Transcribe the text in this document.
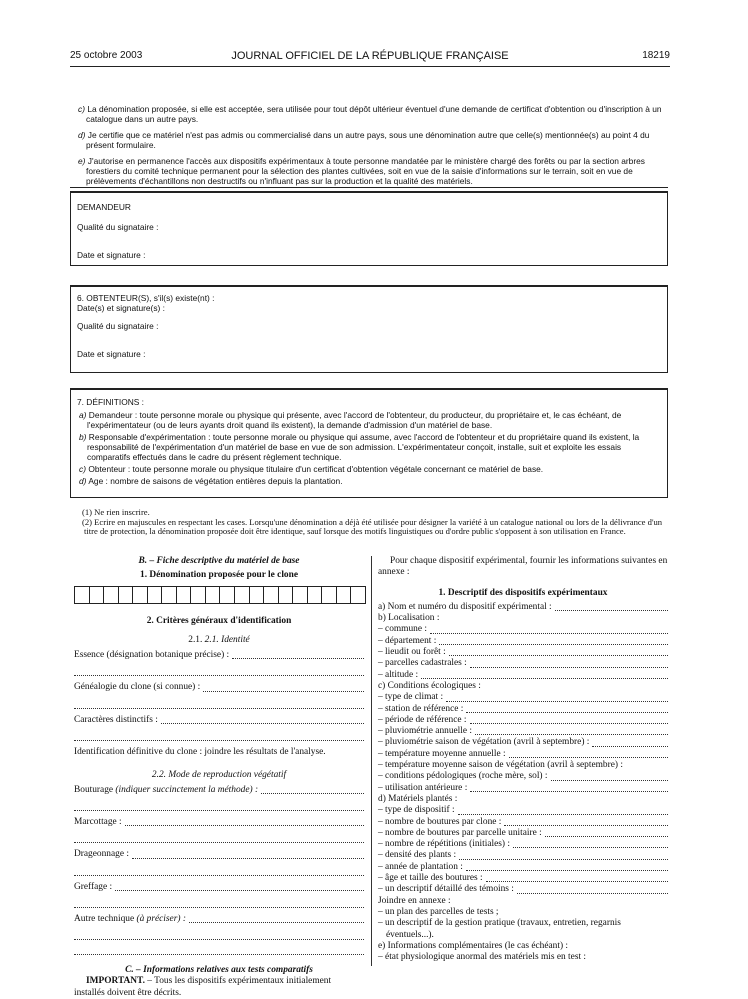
25 octobre 2003	JOURNAL OFFICIEL DE LA RÉPUBLIQUE FRANÇAISE	18219

c) La dénomination proposée, si elle est acceptée, sera utilisée pour tout dépôt ultérieur éventuel d'une demande de certificat d'obtention ou d'inscription à un catalogue dans un autre pays.

d) Je certifie que ce matériel n'est pas admis ou commercialisé dans un autre pays, sous une dénomination autre que celle(s) mentionnée(s) au point 4 du présent formulaire.

e) J'autorise en permanence l'accès aux dispositifs expérimentaux à toute personne mandatée par le ministère chargé des forêts ou par la section arbres forestiers du comité technique permanent pour la sélection des plantes cultivées, soit en vue de la saisie d'informations sur le terrain, soit en vue de prélèvements d'échantillons non destructifs ou n'influant pas sur la production et la qualité des matériels.

DEMANDEUR

Qualité du signataire :

Date et signature :

6. OBTENTEUR(S), s'il(s) existe(nt) :

Date(s) et signature(s) :

Qualité du signataire :

Date et signature :

7. DÉFINITIONS :

a) Demandeur : toute personne morale ou physique qui présente, avec l'accord de l'obtenteur, du producteur, du propriétaire et, le cas échéant, de l'expérimentateur (ou de leurs ayants droit quand ils existent), la demande d'admission d'un matériel de base.

b) Responsable d'expérimentation : toute personne morale ou physique qui assume, avec l'accord de l'obtenteur et du propriétaire quand ils existent, la responsabilité de l'expérimentation d'un matériel de base en vue de son admission. L'expérimentateur conçoit, installe, suit et exploite les essais comparatifs effectués dans le cadre du présent règlement technique.

c) Obtenteur : toute personne morale ou physique titulaire d'un certificat d'obtention végétale concernant ce matériel de base.

d) Age : nombre de saisons de végétation entières depuis la plantation.

(1) Ne rien inscrire.

(2) Ecrire en majuscules en respectant les cases. Lorsqu'une dénomination a déjà été utilisée pour désigner la variété à un catalogue national ou lors de la délivrance d'un titre de protection, la dénomination proposée doit être identique, sauf lorsque des motifs linguistiques ou d'ordre public s'opposent à son utilisation en France.

B. – Fiche descriptive du matériel de base
1. Dénomination proposée pour le clone
2. Critères généraux d'identification
2.1. 2.1. Identité
Essence (désignation botanique précise) :
Généalogie du clone (si connue) :
Caractères distinctifs :
Identification définitive du clone : joindre les résultats de l'analyse.
2.2. Mode de reproduction végétatif
Bouturage (indiquer succinctement la méthode) :
Marcottage :
Drageonnage :
Greffage :
Autre technique (à préciser) :
C. – Informations relatives aux tests comparatifs
IMPORTANT. – Tous les dispositifs expérimentaux initialement installés doivent être décrits.
Pour chaque dispositif expérimental, fournir les informations suivantes en annexe :
1. Descriptif des dispositifs expérimentaux
a) Nom et numéro du dispositif expérimental :
b) Localisation :
– commune :
– département :
– lieudit ou forêt :
– parcelles cadastrales :
– altitude :
c) Conditions écologiques :
– type de climat :
– station de référence :
– période de référence :
– pluviométrie annuelle :
– pluviométrie saison de végétation (avril à septembre) :
– température moyenne annuelle :
– température moyenne saison de végétation (avril à septembre) :
– conditions pédologiques (roche mère, sol) :
– utilisation antérieure :
d) Matériels plantés :
– type de dispositif :
– nombre de boutures par clone :
– nombre de boutures par parcelle unitaire :
– nombre de répétitions (initiales) :
– densité des plants :
– année de plantation :
– âge et taille des boutures :
– un descriptif détaillé des témoins :
Joindre en annexe :
– un plan des parcelles de tests ;
– un descriptif de la gestion pratique (travaux, entretien, regarnis éventuels...).
e) Informations complémentaires (le cas échéant) :
– état physiologique anormal des matériels mis en test :
